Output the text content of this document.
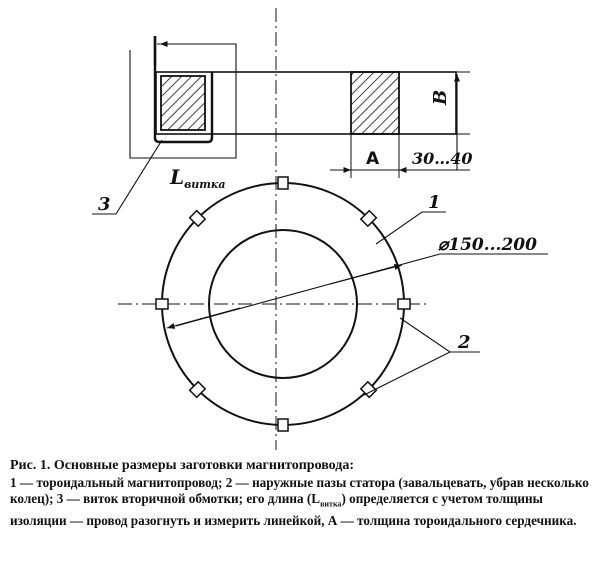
В
А 30…40
$L_{витка}$
3
⌀150...200
1
2

Рис. 1. Основные размеры заготовки магнитопровода:

1 — тороидальный магнитопровод; 2 — наружные пазы статора (завальцевать, убрав несколько колец); 3 — виток вторичной обмотки; его длина $(L_{витка})$ определяется с учетом толщины изоляции — провод разогнуть и измерить линейкой, А — толщина тороидального сердечника.
